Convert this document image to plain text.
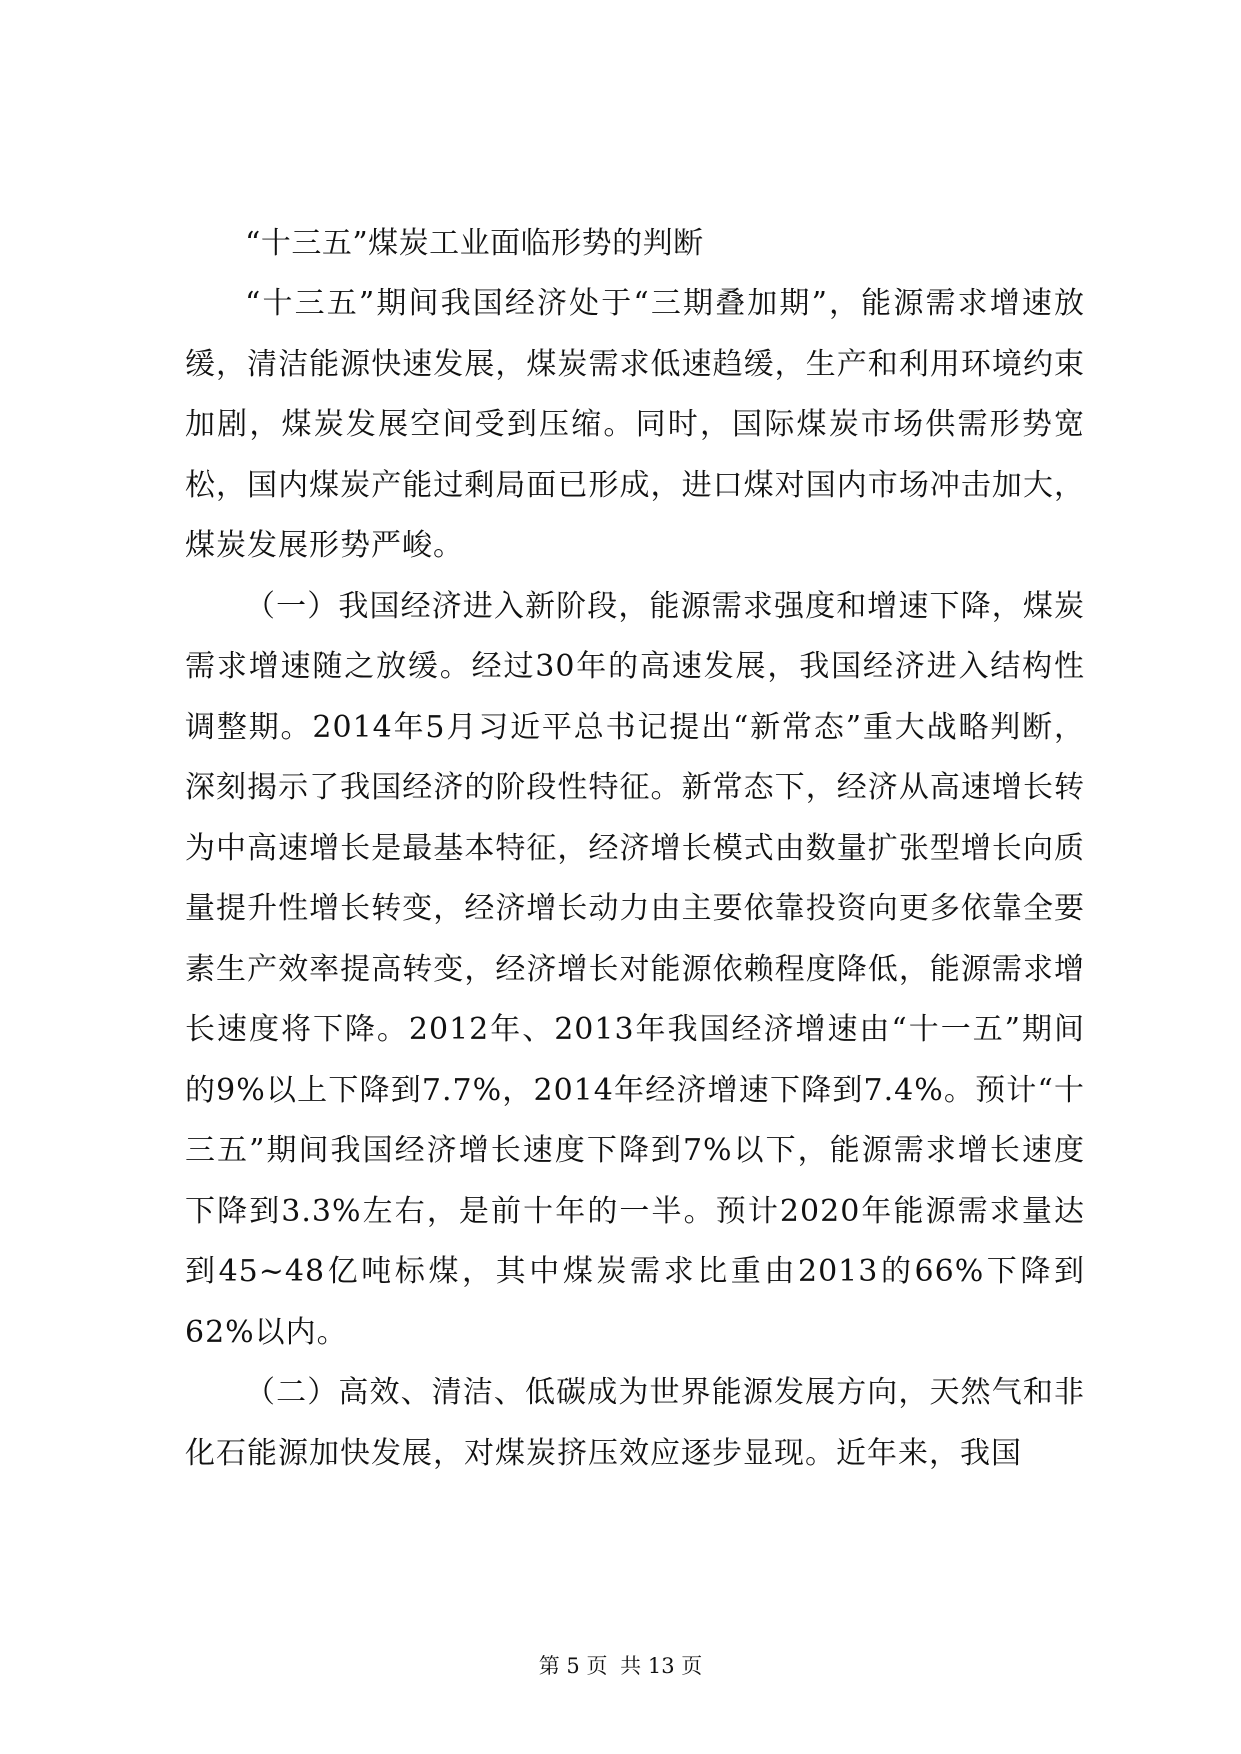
“十三五”煤炭工业面临形势的判断

“十三五”期间我国经济处于“三期叠加期”，能源需求增速放缓，清洁能源快速发展，煤炭需求低速趋缓，生产和利用环境约束加剧，煤炭发展空间受到压缩。同时，国际煤炭市场供需形势宽松，国内煤炭产能过剩局面已形成，进口煤对国内市场冲击加大，煤炭发展形势严峻。

（一）我国经济进入新阶段，能源需求强度和增速下降，煤炭需求增速随之放缓。经过30年的高速发展，我国经济进入结构性调整期。2014年5月习近平总书记提出“新常态”重大战略判断，深刻揭示了我国经济的阶段性特征。新常态下，经济从高速增长转为中高速增长是最基本特征，经济增长模式由数量扩张型增长向质量提升性增长转变，经济增长动力由主要依靠投资向更多依靠全要素生产效率提高转变，经济增长对能源依赖程度降低，能源需求增长速度将下降。2012年、2013年我国经济增速由“十一五”期间的9%以上下降到7.7%，2014年经济增速下降到7.4%。预计“十三五”期间我国经济增长速度下降到7%以下，能源需求增长速度下降到3.3%左右，是前十年的一半。预计2020年能源需求量达到45~48亿吨标煤，其中煤炭需求比重由2013的66%下降到62%以内。

（二）高效、清洁、低碳成为世界能源发展方向，天然气和非化石能源加快发展，对煤炭挤压效应逐步显现。近年来，我国

第 5 页 共 13 页
